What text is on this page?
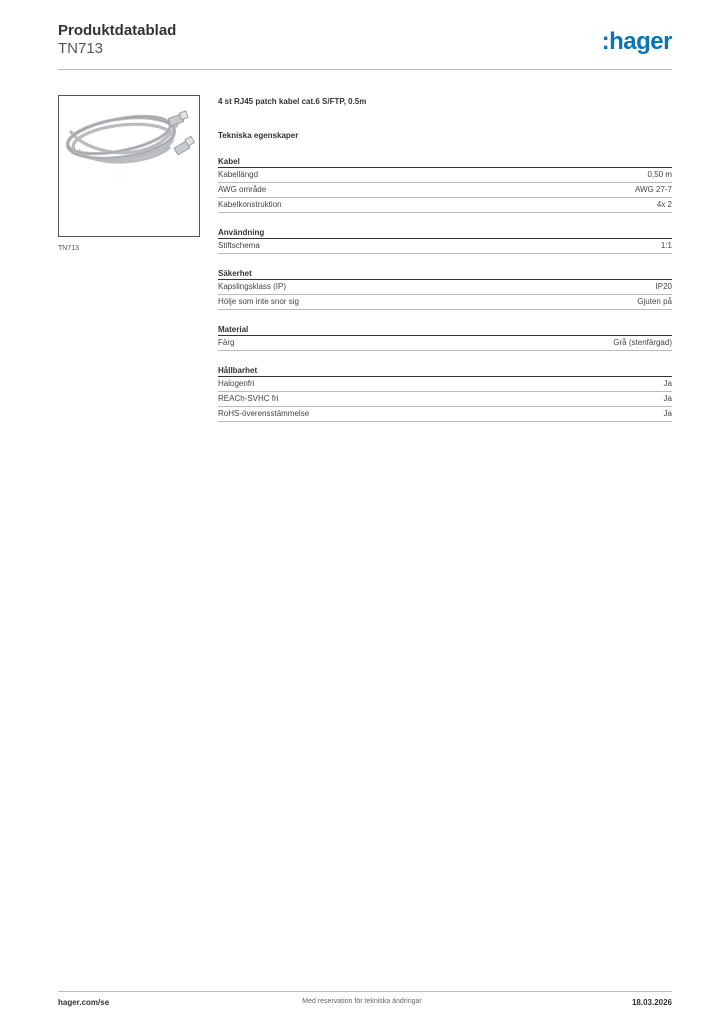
Produktdatablad
TN713	:hager
TN713
4 st RJ45 patch kabel cat.6 S/FTP, 0.5m
Tekniska egenskaper
Kabel
Kabellängd	0,50 m
AWG område	AWG 27-7
Kabelkonstruktion	4x 2
Användning
Stiftschema	1:1
Säkerhet
Kapslingsklass (IP)	IP20
Hölje som inte snor sig	Gjuten på
Material
Färg	Grå (stenfärgad)
Hållbarhet
Halogenfri	Ja
REACh-SVHC fri	Ja
RoHS-överensstämmelse	Ja
hager.com/se	Med reservation för tekniska ändringar	18.03.2026
